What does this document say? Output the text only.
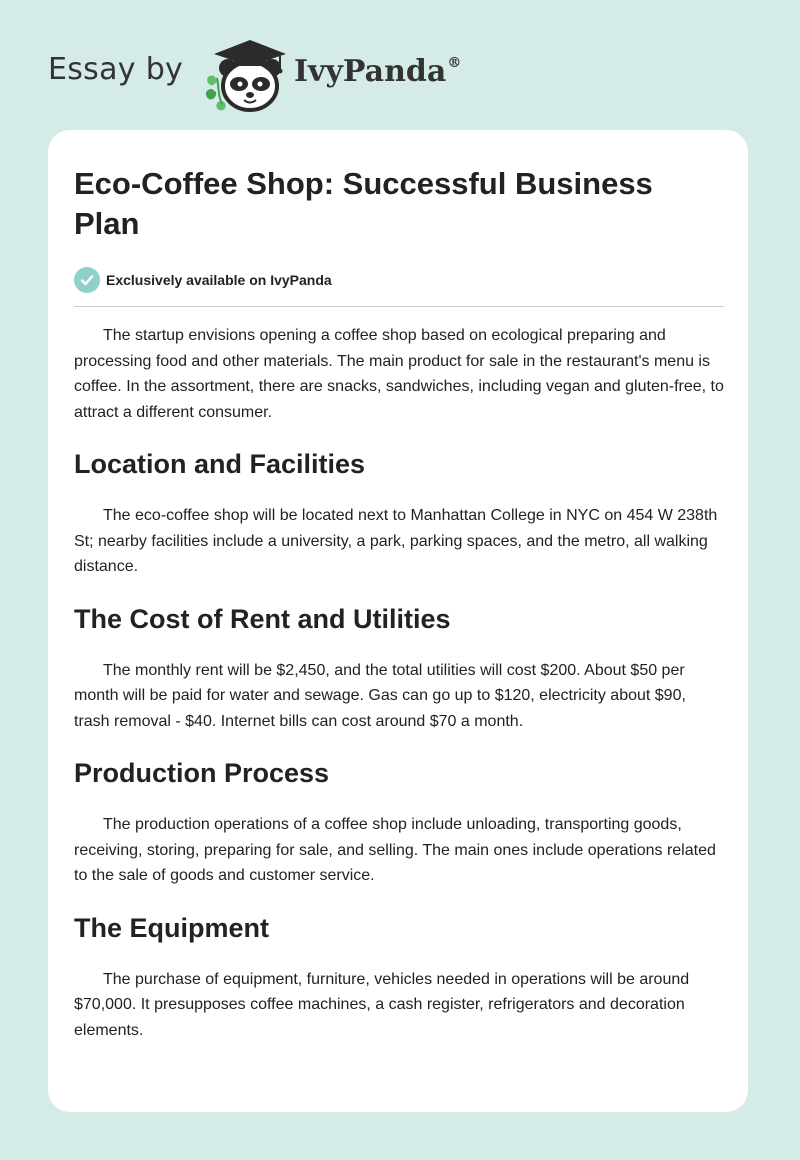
Essay by	IvyPanda®
Eco-Coffee Shop: Successful Business Plan
Exclusively available on IvyPanda

The startup envisions opening a coffee shop based on ecological preparing and processing food and other materials. The main product for sale in the restaurant's menu is coffee. In the assortment, there are snacks, sandwiches, including vegan and gluten-free, to attract a different consumer.

Location and Facilities

The eco-coffee shop will be located next to Manhattan College in NYC on 454 W 238th St; nearby facilities include a university, a park, parking spaces, and the metro, all walking distance.

The Cost of Rent and Utilities

The monthly rent will be $2,450, and the total utilities will cost $200. About $50 per month will be paid for water and sewage. Gas can go up to $120, electricity about $90, trash removal - $40. Internet bills can cost around $70 a month.

Production Process

The production operations of a coffee shop include unloading, transporting goods, receiving, storing, preparing for sale, and selling. The main ones include operations related to the sale of goods and customer service.

The Equipment

The purchase of equipment, furniture, vehicles needed in operations will be around $70,000. It presupposes coffee machines, a cash register, refrigerators and decoration elements.
